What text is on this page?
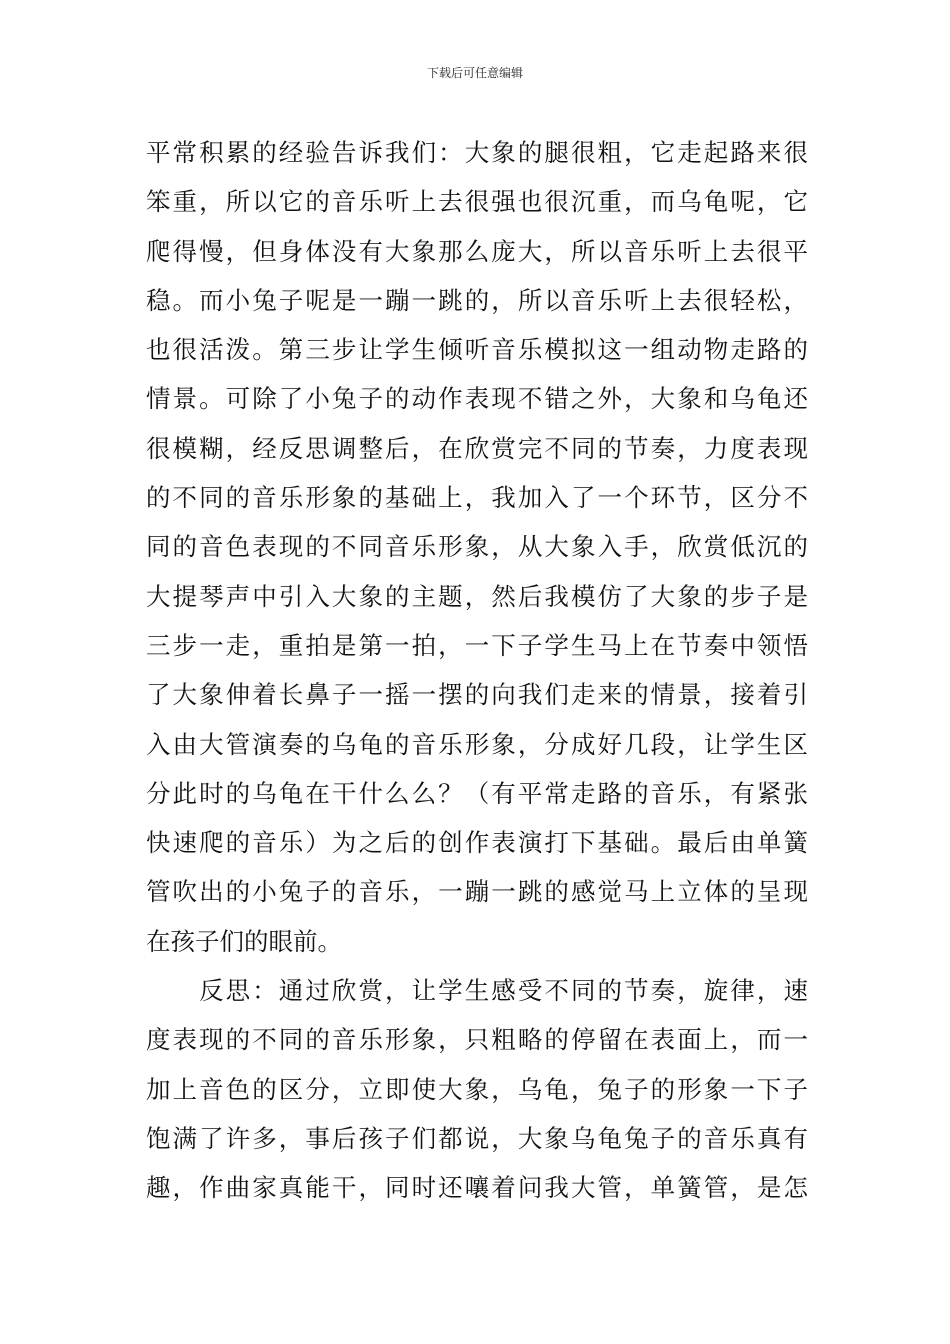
下载后可任意编辑
平常积累的经验告诉我们：大象的腿很粗，它走起路来很
笨重，所以它的音乐听上去很强也很沉重，而乌龟呢，它
爬得慢，但身体没有大象那么庞大，所以音乐听上去很平
稳。而小兔子呢是一蹦一跳的，所以音乐听上去很轻松，
也很活泼。第三步让学生倾听音乐模拟这一组动物走路的
情景。可除了小兔子的动作表现不错之外，大象和乌龟还
很模糊，经反思调整后，在欣赏完不同的节奏，力度表现
的不同的音乐形象的基础上，我加入了一个环节，区分不
同的音色表现的不同音乐形象，从大象入手，欣赏低沉的
大提琴声中引入大象的主题，然后我模仿了大象的步子是
三步一走，重拍是第一拍，一下子学生马上在节奏中领悟
了大象伸着长鼻子一摇一摆的向我们走来的情景，接着引
入由大管演奏的乌龟的音乐形象，分成好几段，让学生区
分此时的乌龟在干什么么？（有平常走路的音乐，有紧张
快速爬的音乐）为之后的创作表演打下基础。最后由单簧
管吹出的小兔子的音乐，一蹦一跳的感觉马上立体的呈现
在孩子们的眼前。
　　反思：通过欣赏，让学生感受不同的节奏，旋律，速
度表现的不同的音乐形象，只粗略的停留在表面上，而一
加上音色的区分，立即使大象，乌龟，兔子的形象一下子
饱满了许多，事后孩子们都说，大象乌龟兔子的音乐真有
趣，作曲家真能干，同时还嚷着问我大管，单簧管，是怎
